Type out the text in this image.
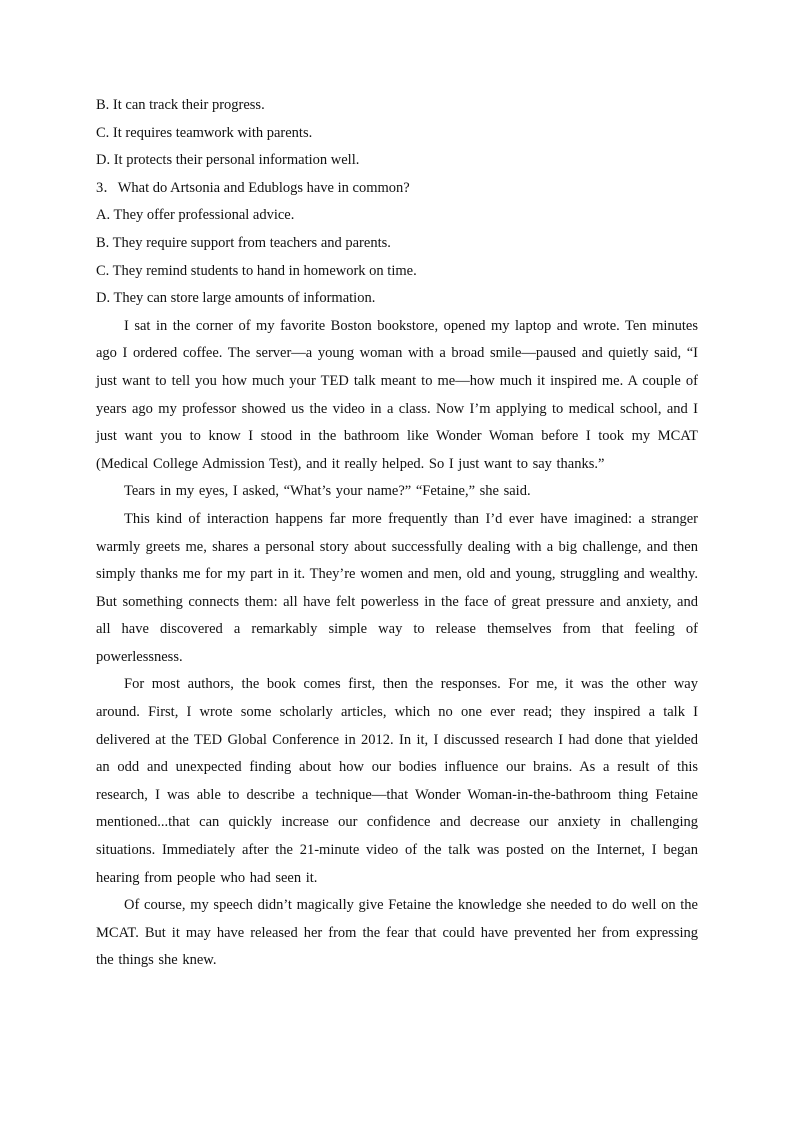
B. It can track their progress.

C. It requires teamwork with parents.

D. It protects their personal information well.

3．What do Artsonia and Edublogs have in common?

A. They offer professional advice.

B. They require support from teachers and parents.

C. They remind students to hand in homework on time.

D. They can store large amounts of information.

I sat in the corner of my favorite Boston bookstore, opened my laptop and wrote. Ten minutes ago I ordered coffee. The server—a young woman with a broad smile—paused and quietly said, “I just want to tell you how much your TED talk meant to me—how much it inspired me. A couple of years ago my professor showed us the video in a class. Now I’m applying to medical school, and I just want you to know I stood in the bathroom like Wonder Woman before I took my MCAT (Medical College Admission Test), and it really helped. So I just want to say thanks.”

Tears in my eyes, I asked, “What’s your name?” “Fetaine,” she said.

This kind of interaction happens far more frequently than I’d ever have imagined: a stranger warmly greets me, shares a personal story about successfully dealing with a big challenge, and then simply thanks me for my part in it. They’re women and men, old and young, struggling and wealthy. But something connects them: all have felt powerless in the face of great pressure and anxiety, and all have discovered a remarkably simple way to release themselves from that feeling of powerlessness.

For most authors, the book comes first, then the responses. For me, it was the other way around. First, I wrote some scholarly articles, which no one ever read; they inspired a talk I delivered at the TED Global Conference in 2012. In it, I discussed research I had done that yielded an odd and unexpected finding about how our bodies influence our brains. As a result of this research, I was able to describe a technique—that Wonder Woman-in-the-bathroom thing Fetaine mentioned...that can quickly increase our confidence and decrease our anxiety in challenging situations. Immediately after the 21-minute video of the talk was posted on the Internet, I began hearing from people who had seen it.

Of course, my speech didn’t magically give Fetaine the knowledge she needed to do well on the MCAT. But it may have released her from the fear that could have prevented her from expressing the things she knew.
